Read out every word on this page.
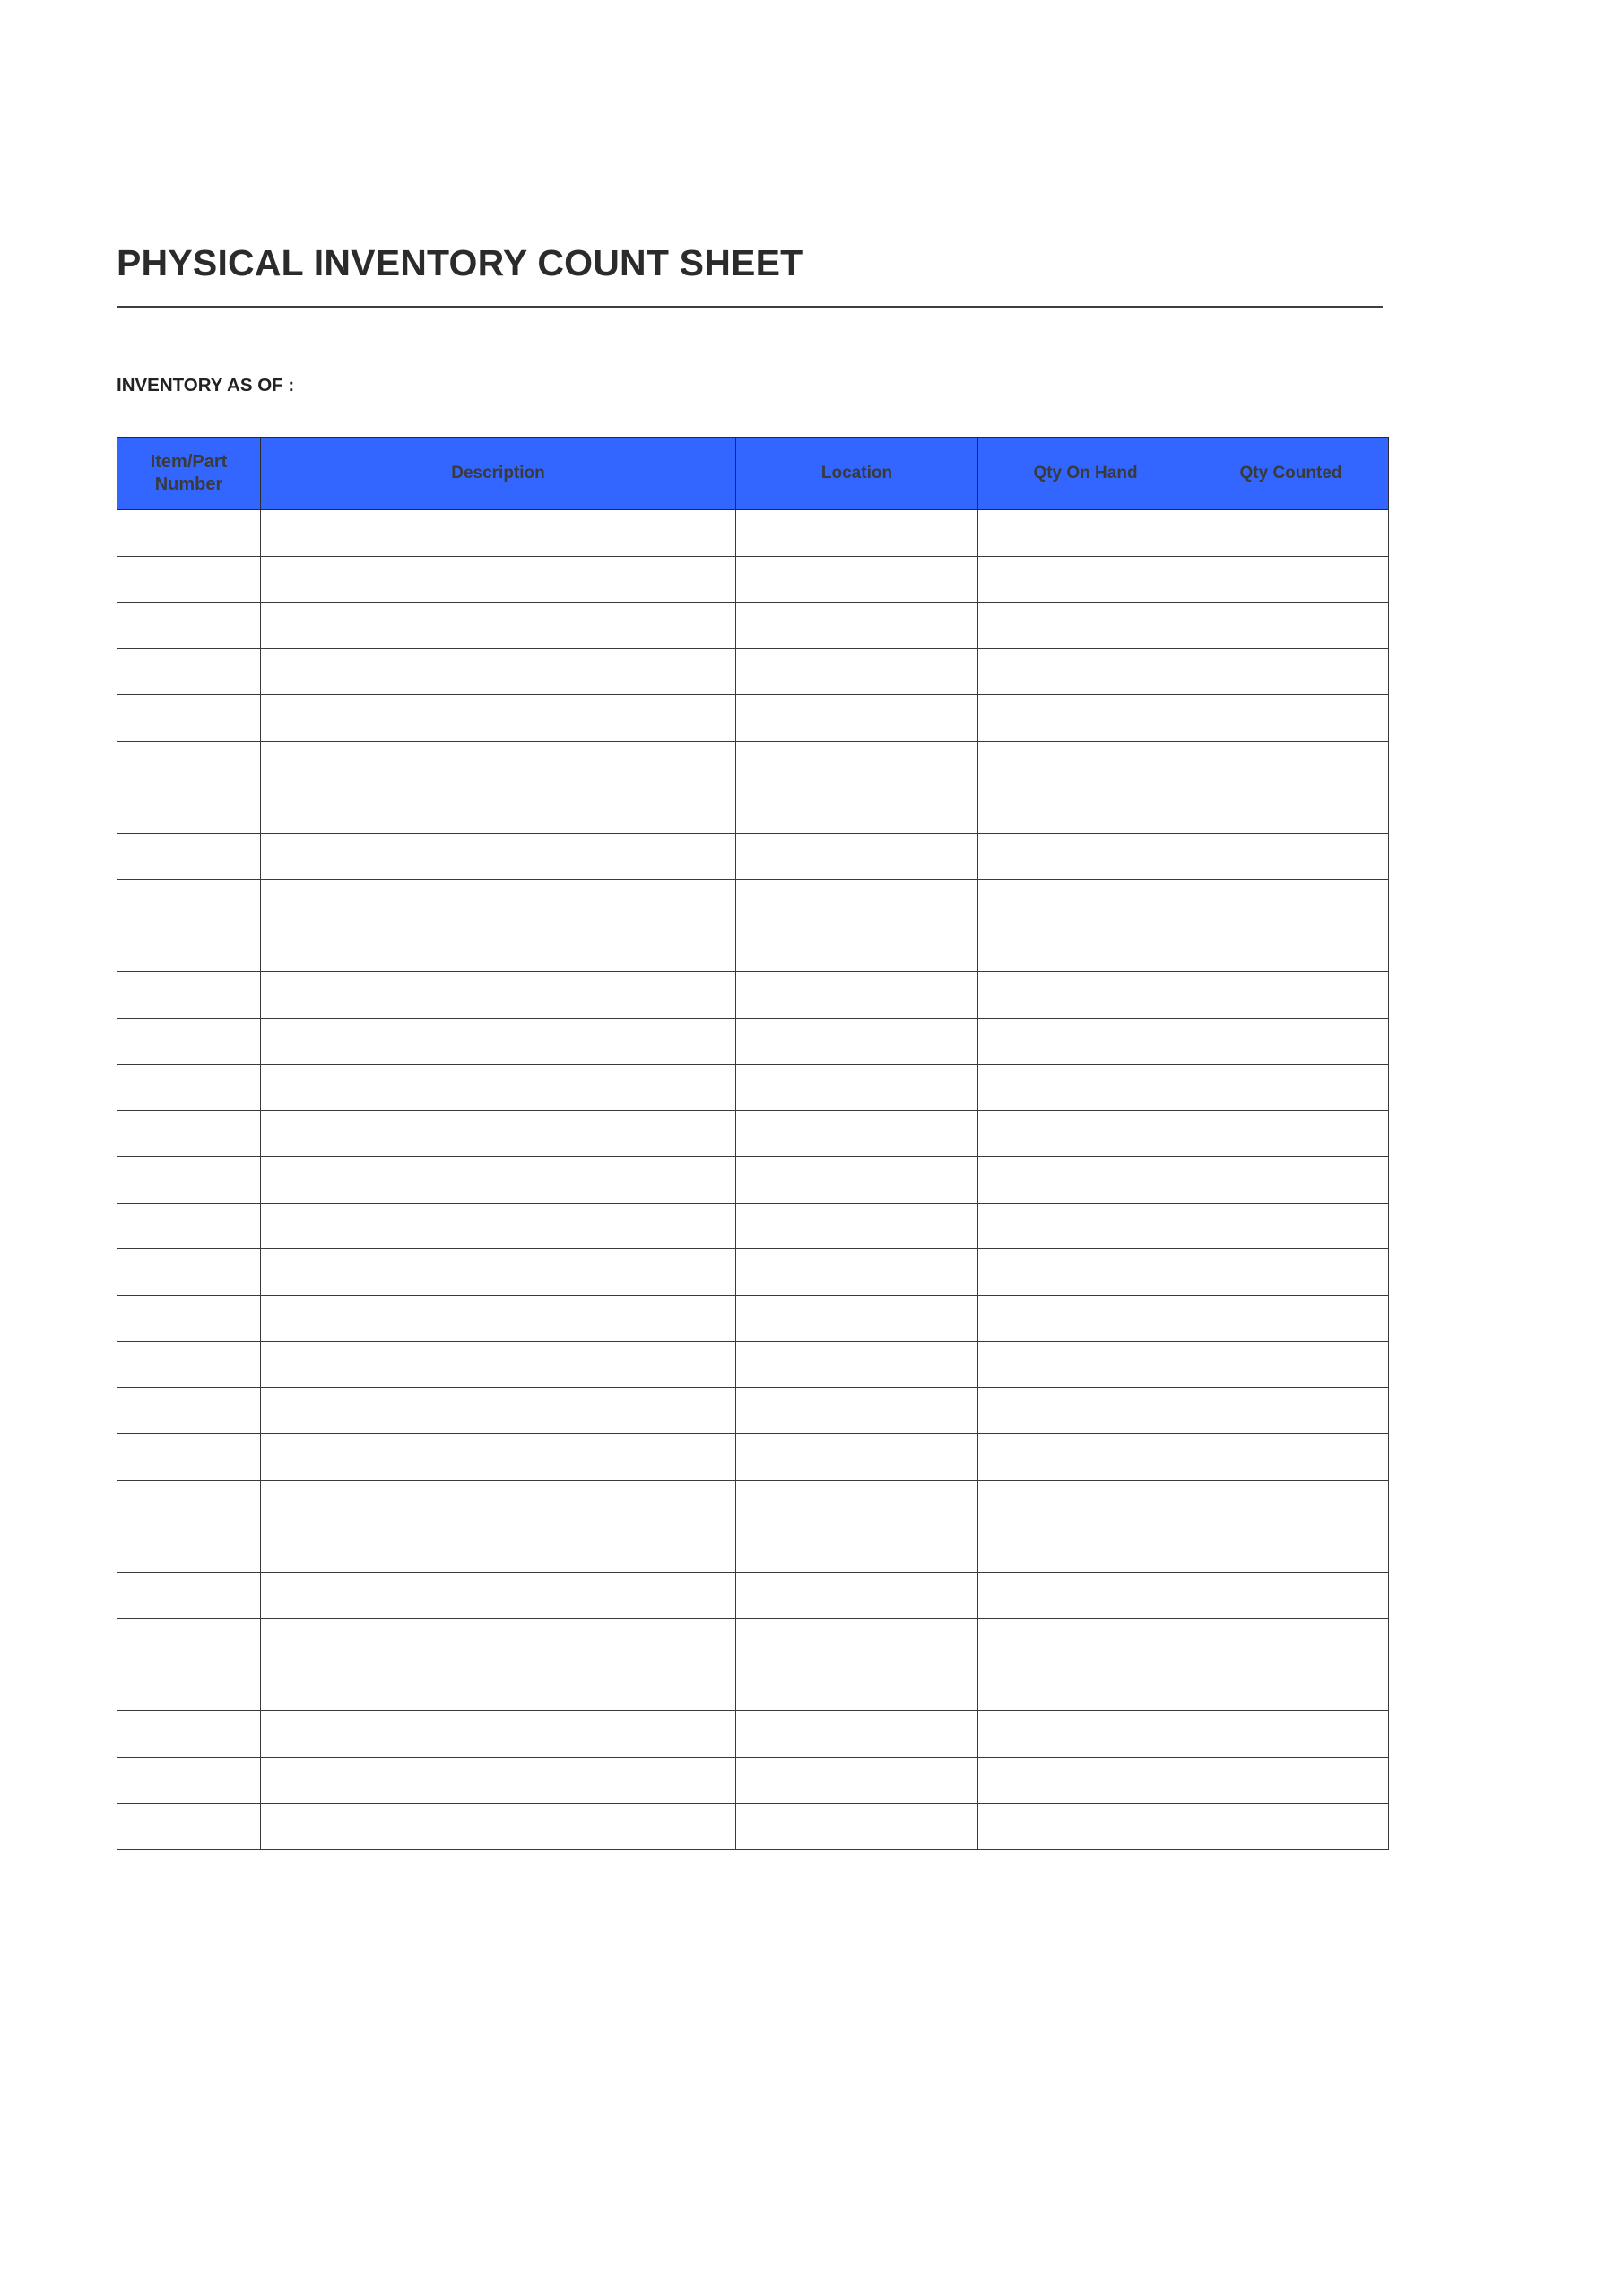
PHYSICAL INVENTORY COUNT SHEET
INVENTORY AS OF :
Item/Part Number	Description	Location	Qty On Hand	Qty Counted
